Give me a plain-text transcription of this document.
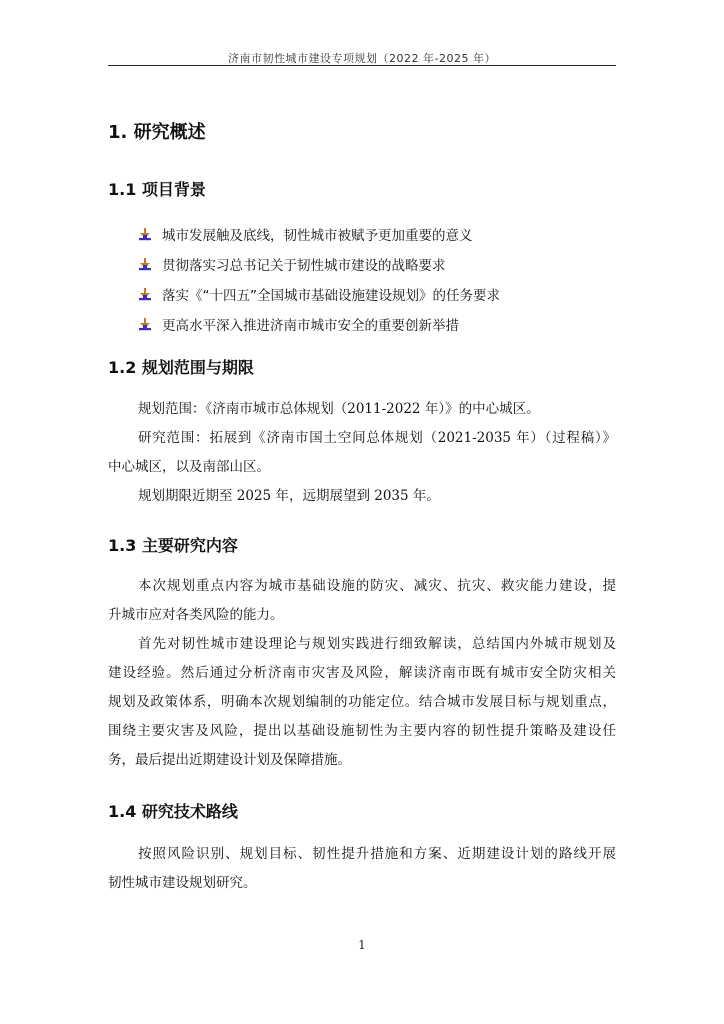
济南市韧性城市建设专项规划（2022 年-2025 年）
1. 研究概述
1.1 项目背景
城市发展触及底线，韧性城市被赋予更加重要的意义
贯彻落实习总书记关于韧性城市建设的战略要求
落实《“十四五”全国城市基础设施建设规划》的任务要求
更高水平深入推进济南市城市安全的重要创新举措
1.2 规划范围与期限
规划范围：《济南市城市总体规划（2011-2022 年）》的中心城区。
研究范围：拓展到《济南市国土空间总体规划（2021-2035 年）（过程稿）》
中心城区，以及南部山区。
规划期限近期至 2025 年，远期展望到 2035 年。
1.3 主要研究内容
本次规划重点内容为城市基础设施的防灾、减灾、抗灾、救灾能力建设，提
升城市应对各类风险的能力。
首先对韧性城市建设理论与规划实践进行细致解读，总结国内外城市规划及
建设经验。然后通过分析济南市灾害及风险，解读济南市既有城市安全防灾相关
规划及政策体系，明确本次规划编制的功能定位。结合城市发展目标与规划重点，
围绕主要灾害及风险，提出以基础设施韧性为主要内容的韧性提升策略及建设任
务，最后提出近期建设计划及保障措施。
1.4 研究技术路线
按照风险识别、规划目标、韧性提升措施和方案、近期建设计划的路线开展
韧性城市建设规划研究。
1
